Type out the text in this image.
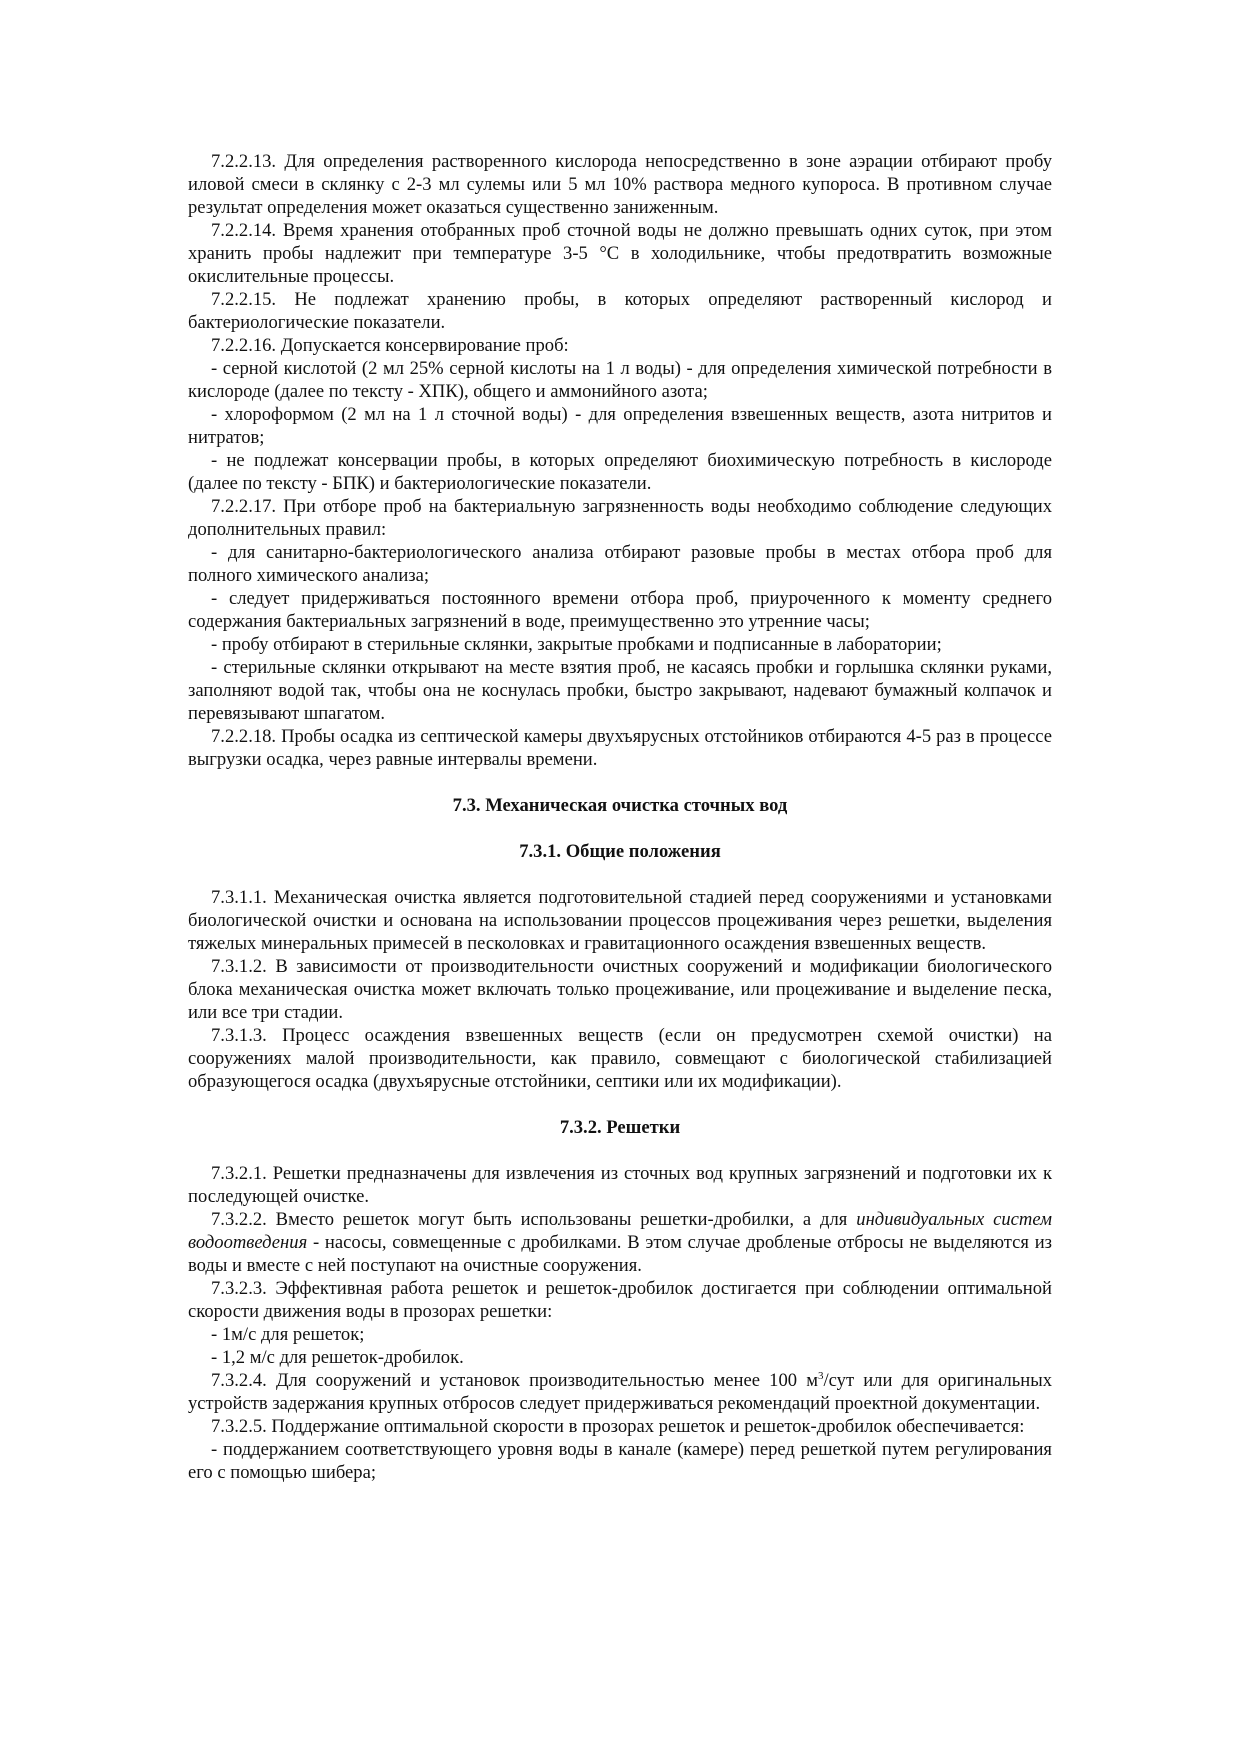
7.2.2.13. Для определения растворенного кислорода непосредственно в зоне аэрации отбирают пробу иловой смеси в склянку с 2-3 мл сулемы или 5 мл 10% раствора медного купороса. В противном случае результат определения может оказаться существенно заниженным.

7.2.2.14. Время хранения отобранных проб сточной воды не должно превышать одних суток, при этом хранить пробы надлежит при температуре 3-5 °С в холодильнике, чтобы предотвратить возможные окислительные процессы.

7.2.2.15. Не подлежат хранению пробы, в которых определяют растворенный кислород и бактериологические показатели.

7.2.2.16. Допускается консервирование проб:

- серной кислотой (2 мл 25% серной кислоты на 1 л воды) - для определения химической потребности в кислороде (далее по тексту - ХПК), общего и аммонийного азота;

- хлороформом (2 мл на 1 л сточной воды) - для определения взвешенных веществ, азота нитритов и нитратов;

- не подлежат консервации пробы, в которых определяют биохимическую потребность в кислороде (далее по тексту - БПК) и бактериологические показатели.

7.2.2.17. При отборе проб на бактериальную загрязненность воды необходимо соблюдение следующих дополнительных правил:

- для санитарно-бактериологического анализа отбирают разовые пробы в местах отбора проб для полного химического анализа;

- следует придерживаться постоянного времени отбора проб, приуроченного к моменту среднего содержания бактериальных загрязнений в воде, преимущественно это утренние часы;

- пробу отбирают в стерильные склянки, закрытые пробками и подписанные в лаборатории;

- стерильные склянки открывают на месте взятия проб, не касаясь пробки и горлышка склянки руками, заполняют водой так, чтобы она не коснулась пробки, быстро закрывают, надевают бумажный колпачок и перевязывают шпагатом.

7.2.2.18. Пробы осадка из септической камеры двухъярусных отстойников отбираются 4-5 раз в процессе выгрузки осадка, через равные интервалы времени.

7.3. Механическая очистка сточных вод
7.3.1. Общие положения

7.3.1.1. Механическая очистка является подготовительной стадией перед сооружениями и установками биологической очистки и основана на использовании процессов процеживания через решетки, выделения тяжелых минеральных примесей в песколовках и гравитационного осаждения взвешенных веществ.

7.3.1.2. В зависимости от производительности очистных сооружений и модификации биологического блока механическая очистка может включать только процеживание, или процеживание и выделение песка, или все три стадии.

7.3.1.3. Процесс осаждения взвешенных веществ (если он предусмотрен схемой очистки) на сооружениях малой производительности, как правило, совмещают с биологической стабилизацией образующегося осадка (двухъярусные отстойники, септики или их модификации).

7.3.2. Решетки

7.3.2.1. Решетки предназначены для извлечения из сточных вод крупных загрязнений и подготовки их к последующей очистке.

7.3.2.2. Вместо решеток могут быть использованы решетки-дробилки, а для индивидуальных систем водоотведения - насосы, совмещенные с дробилками. В этом случае дробленые отбросы не выделяются из воды и вместе с ней поступают на очистные сооружения.

7.3.2.3. Эффективная работа решеток и решеток-дробилок достигается при соблюдении оптимальной скорости движения воды в прозорах решетки:

- 1м/с для решеток;

- 1,2 м/с для решеток-дробилок.

7.3.2.4. Для сооружений и установок производительностью менее 100 $м^3$/сут или для оригинальных устройств задержания крупных отбросов следует придерживаться рекомендаций проектной документации.

7.3.2.5. Поддержание оптимальной скорости в прозорах решеток и решеток-дробилок обеспечивается:

- поддержанием соответствующего уровня воды в канале (камере) перед решеткой путем регулирования его с помощью шибера;
